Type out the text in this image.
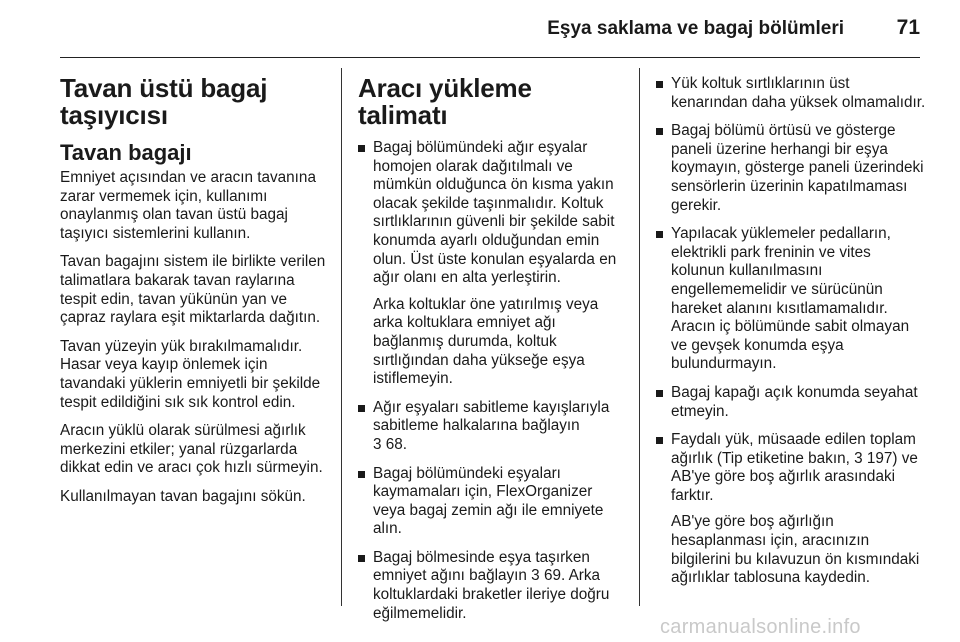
Eşya saklama ve bagaj bölümleri	71
Tavan üstü bagaj taşıyıcısı
Tavan bagajı

Emniyet açısından ve aracın tavanına zarar vermemek için, kullanımı onaylanmış olan tavan üstü bagaj taşıyıcı sistemlerini kullanın.

Tavan bagajını sistem ile birlikte verilen talimatlara bakarak tavan raylarına tespit edin, tavan yükünün yan ve çapraz raylara eşit miktarlarda dağıtın.

Tavan yüzeyin yük bırakılmamalıdır. Hasar veya kayıp önlemek için tavandaki yüklerin emniyetli bir şekilde tespit edildiğini sık sık kontrol edin.

Aracın yüklü olarak sürülmesi ağırlık merkezini etkiler; yanal rüzgarlarda dikkat edin ve aracı çok hızlı sürmeyin.

Kullanılmayan tavan bagajını sökün.

Aracı yükleme talimatı
Bagaj bölümündeki ağır eşyalar homojen olarak dağıtılmalı ve mümkün olduğunca ön kısma yakın olacak şekilde taşınmalıdır. Koltuk sırtlıklarının güvenli bir şekilde sabit konumda ayarlı olduğundan emin olun. Üst üste konulan eşyalarda en ağır olanı en alta yerleştirin.

Arka koltuklar öne yatırılmış veya arka koltuklara emniyet ağı bağlanmış durumda, koltuk sırtlığından daha yükseğe eşya istiflemeyin.

Ağır eşyaları sabitleme kayışlarıyla sabitleme halkalarına bağlayın
3 68.
Bagaj bölümündeki eşyaları kaymamaları için, FlexOrganizer veya bagaj zemin ağı ile emniyete alın.
Bagaj bölmesinde eşya taşırken emniyet ağını bağlayın 3 69. Arka koltuklardaki braketler ileriye doğru eğilmemelidir.
Yük koltuk sırtlıklarının üst kenarından daha yüksek olmamalıdır.
Bagaj bölümü örtüsü ve gösterge paneli üzerine herhangi bir eşya koymayın, gösterge paneli üzerindeki sensörlerin üzerinin kapatılmaması gerekir.
Yapılacak yüklemeler pedalların, elektrikli park freninin ve vites kolunun kullanılmasını engellememelidir ve sürücünün hareket alanını kısıtlamamalıdır. Aracın iç bölümünde sabit olmayan ve gevşek konumda eşya bulundurmayın.
Bagaj kapağı açık konumda seyahat etmeyin.
Faydalı yük, müsaade edilen toplam ağırlık (Tip etiketine bakın, 3 197) ve AB'ye göre boş ağırlık arasındaki farktır.

AB'ye göre boş ağırlığın hesaplanması için, aracınızın bilgilerini bu kılavuzun ön kısmındaki ağırlıklar tablosuna kaydedin.

carmanualsonline.info
